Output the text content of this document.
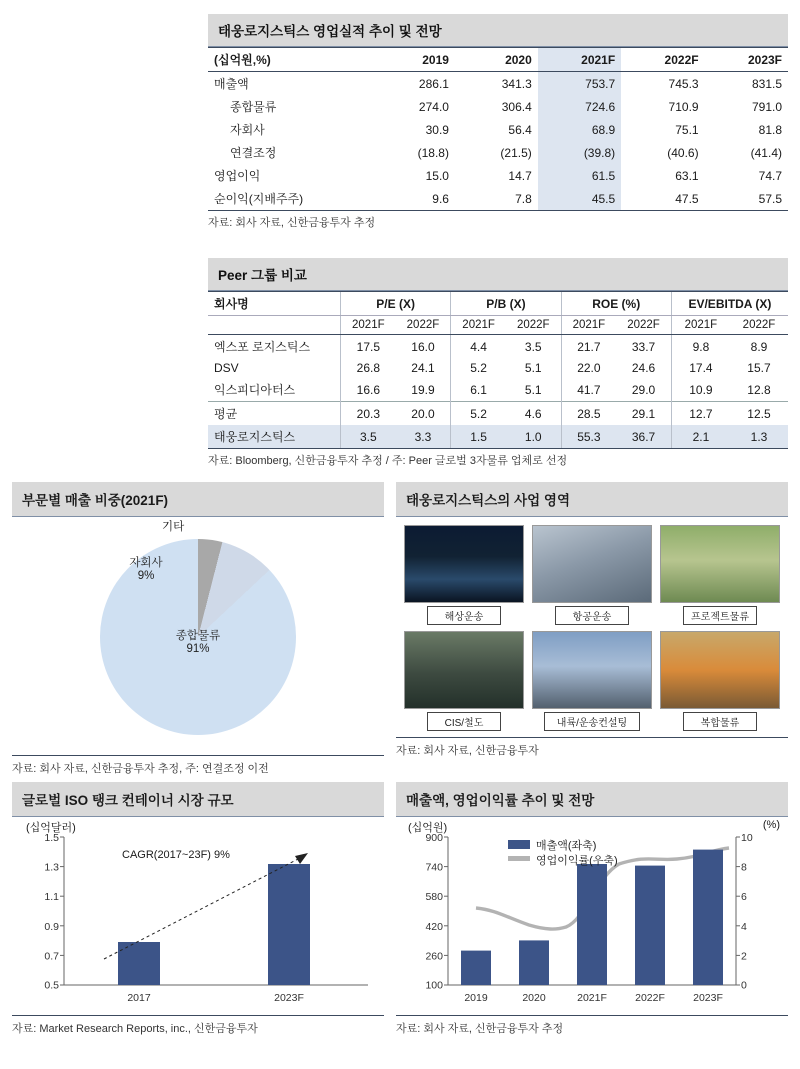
태웅로지스틱스 영업실적 추이 및 전망
(십억원,%)	2019	2020	2021F	2022F	2023F
매출액	286.1	341.3	753.7	745.3	831.5
종합물류	274.0	306.4	724.6	710.9	791.0
자회사	30.9	56.4	68.9	75.1	81.8
연결조정	(18.8)	(21.5)	(39.8)	(40.6)	(41.4)
영업이익	15.0	14.7	61.5	63.1	74.7
순이익(지배주주)	9.6	7.8	45.5	47.5	57.5
자료: 회사 자료, 신한금융투자 추정
Peer 그룹 비교
회사명	P/E (X)		P/B (X)		ROE (%)		EV/EBITDA (X)	
	2021F	2022F	2021F	2022F	2021F	2022F	2021F	2022F
엑스포 로지스틱스	17.5	16.0	4.4	3.5	21.7	33.7	9.8	8.9
DSV	26.8	24.1	5.2	5.1	22.0	24.6	17.4	15.7
익스피디아터스	16.6	19.9	6.1	5.1	41.7	29.0	10.9	12.8
평균	20.3	20.0	5.2	4.6	28.5	29.1	12.7	12.5
태웅로지스틱스	3.5	3.3	1.5	1.0	55.3	36.7	2.1	1.3
자료: Bloomberg, 신한금융투자 추정 / 주: Peer 글로벌 3자물류 업체로 선정
부문별 매출 비중(2021F)
기타
자회사
9%
종합물류
91%
자료: 회사 자료, 신한금융투자 추정, 주: 연결조정 이전
태웅로지스틱스의 사업 영역
해상운송	항공운송	프로젝트물류
CIS/철도	내륙/운송컨설팅	복합물류
자료: 회사 자료, 신한금융투자
글로벌 ISO 탱크 컨테이너 시장 규모
1.5
1.3
1.1
0.9
0.7
0.5
2017	2023F
(십억달러)
CAGR(2017~23F) 9%
자료: Market Research Reports, inc., 신한금융투자
매출액, 영업이익률 추이 및 전망
900
740
580
420
260
100
10
8
6
4
2
0
2019	2020	2021F	2022F	2023F
(십억원)	(%)
매출액(좌축)
영업이익률(우축)
자료: 회사 자료, 신한금융투자 추정
